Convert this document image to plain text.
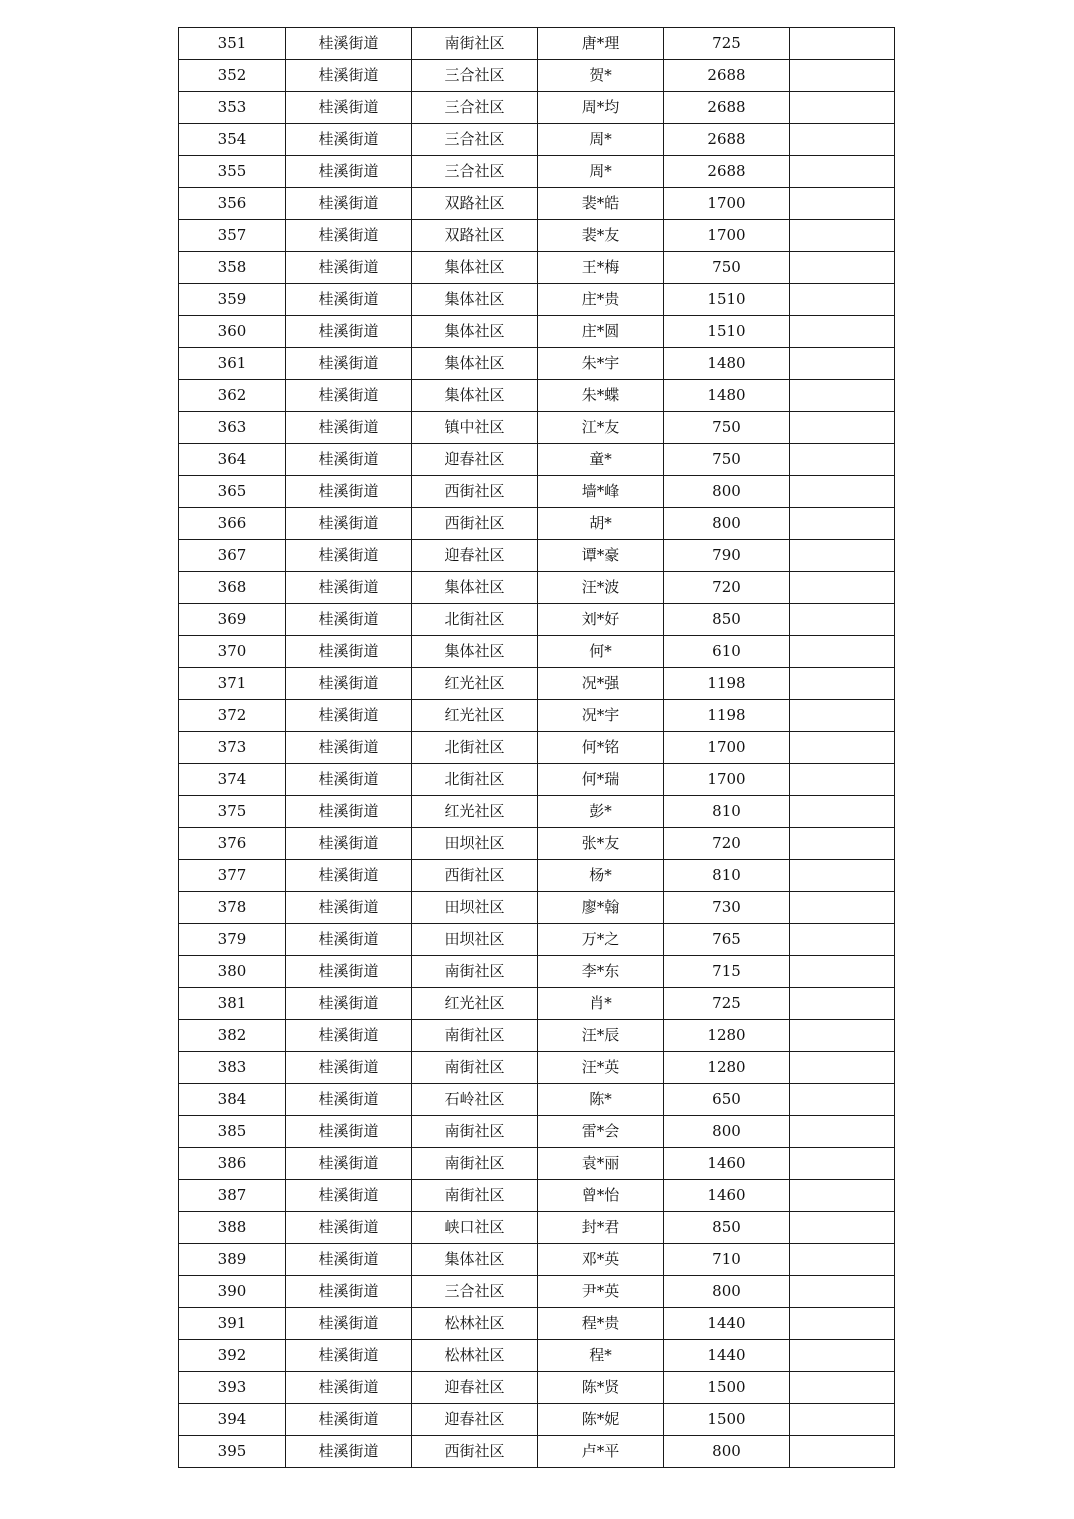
351	桂溪街道	南街社区	唐*理	725	
352	桂溪街道	三合社区	贺*	2688	
353	桂溪街道	三合社区	周*均	2688	
354	桂溪街道	三合社区	周*	2688	
355	桂溪街道	三合社区	周*	2688	
356	桂溪街道	双路社区	裴*皓	1700	
357	桂溪街道	双路社区	裴*友	1700	
358	桂溪街道	集体社区	王*梅	750	
359	桂溪街道	集体社区	庄*贵	1510	
360	桂溪街道	集体社区	庄*圆	1510	
361	桂溪街道	集体社区	朱*宇	1480	
362	桂溪街道	集体社区	朱*蝶	1480	
363	桂溪街道	镇中社区	江*友	750	
364	桂溪街道	迎春社区	童*	750	
365	桂溪街道	西街社区	墙*峰	800	
366	桂溪街道	西街社区	胡*	800	
367	桂溪街道	迎春社区	谭*豪	790	
368	桂溪街道	集体社区	汪*波	720	
369	桂溪街道	北街社区	刘*好	850	
370	桂溪街道	集体社区	何*	610	
371	桂溪街道	红光社区	况*强	1198	
372	桂溪街道	红光社区	况*宇	1198	
373	桂溪街道	北街社区	何*铭	1700	
374	桂溪街道	北街社区	何*瑞	1700	
375	桂溪街道	红光社区	彭*	810	
376	桂溪街道	田坝社区	张*友	720	
377	桂溪街道	西街社区	杨*	810	
378	桂溪街道	田坝社区	廖*翰	730	
379	桂溪街道	田坝社区	万*之	765	
380	桂溪街道	南街社区	李*东	715	
381	桂溪街道	红光社区	肖*	725	
382	桂溪街道	南街社区	汪*辰	1280	
383	桂溪街道	南街社区	汪*英	1280	
384	桂溪街道	石岭社区	陈*	650	
385	桂溪街道	南街社区	雷*会	800	
386	桂溪街道	南街社区	袁*丽	1460	
387	桂溪街道	南街社区	曾*怡	1460	
388	桂溪街道	峡口社区	封*君	850	
389	桂溪街道	集体社区	邓*英	710	
390	桂溪街道	三合社区	尹*英	800	
391	桂溪街道	松林社区	程*贵	1440	
392	桂溪街道	松林社区	程*	1440	
393	桂溪街道	迎春社区	陈*贤	1500	
394	桂溪街道	迎春社区	陈*妮	1500	
395	桂溪街道	西街社区	卢*平	800	
